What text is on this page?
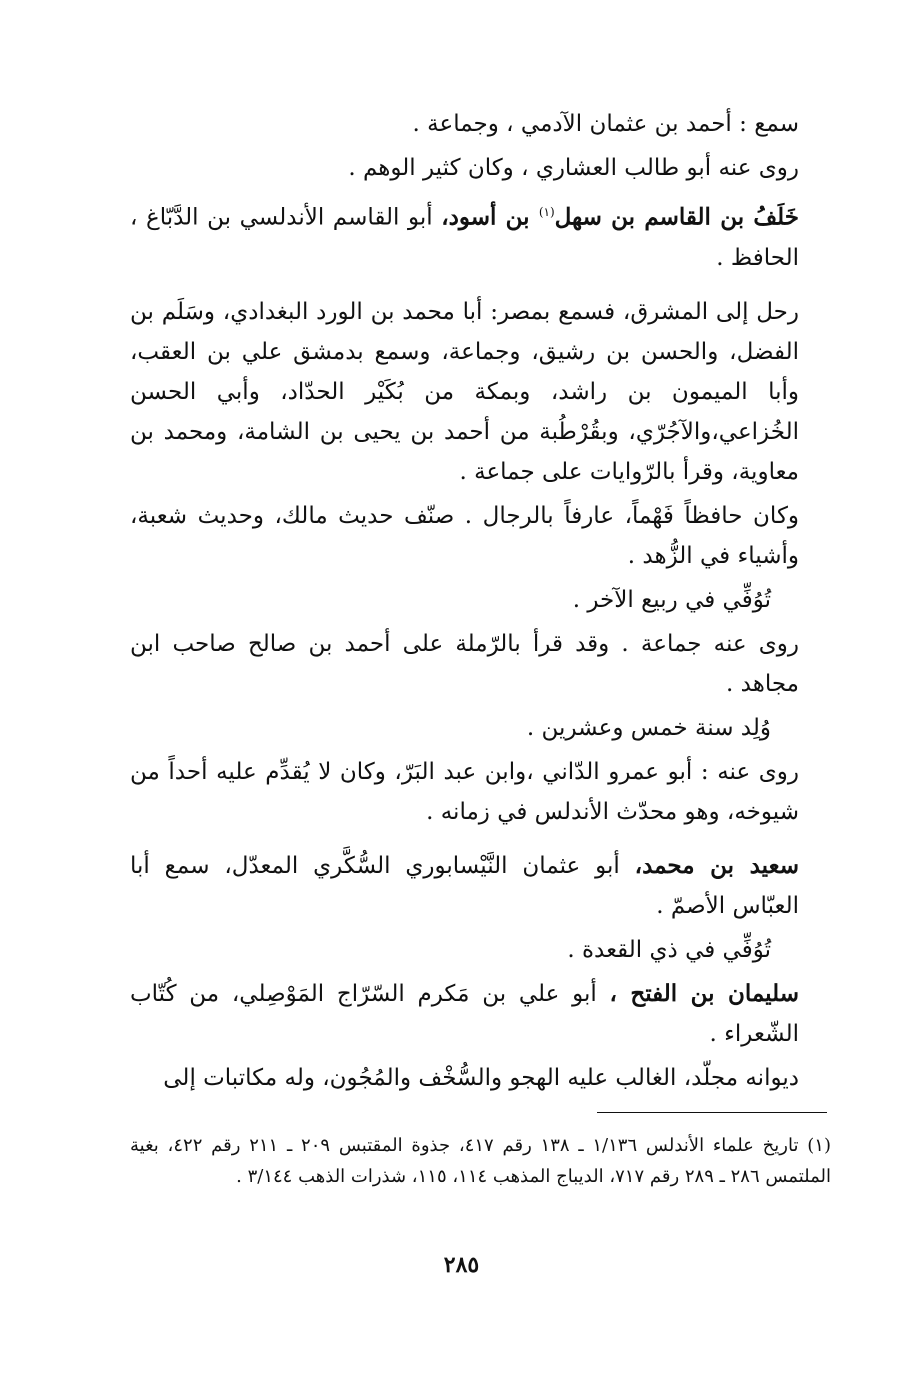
سمع : أحمد بن عثمان الآدمي ، وجماعة .

روى عنه أبو طالب العشاري ، وكان كثير الوهم .

خَلَفُ بن القاسم بن سهل$^{(١)}$ بن أسود، أبو القاسم الأندلسي بن الدَّبّاغ ، الحافظ .

رحل إلى المشرق، فسمع بمصر: أبا محمد بن الورد البغدادي، وسَلَم بن الفضل، والحسن بن رشيق، وجماعة، وسمع بدمشق علي بن العقب، وأبا الميمون بن راشد، وبمكة من بُكَيْر الحدّاد، وأبي الحسن الخُزاعي،والآجُرّي، وبقُرْطُبة من أحمد بن يحيى بن الشامة، ومحمد بن معاوية، وقرأ بالرّوايات على جماعة .

وكان حافظاً فَهْماً، عارفاً بالرجال . صنّف حديث مالك، وحديث شعبة، وأشياء في الزُّهد .

تُوُفِّي في ربيع الآخر .

روى عنه جماعة . وقد قرأ بالرّملة على أحمد بن صالح صاحب ابن مجاهد .

وُلِد سنة خمس وعشرين .

روى عنه : أبو عمرو الدّاني ،وابن عبد البَرّ، وكان لا يُقدِّم عليه أحداً من شيوخه، وهو محدّث الأندلس في زمانه .

سعيد بن محمد، أبو عثمان النَّيْسابوري السُّكَّري المعدّل، سمع أبا العبّاس الأصمّ .

تُوُفِّي في ذي القعدة .

سليمان بن الفتح ، أبو علي بن مَكرم السّرّاج المَوْصِلي، من كُتّاب الشّعراء .

ديوانه مجلّد، الغالب عليه الهجو والسُّخْف والمُجُون، وله مكاتبات إلى

(١) تاريخ علماء الأندلس ١/١٣٦ ـ ١٣٨ رقم ٤١٧، جذوة المقتبس ٢٠٩ ـ ٢١١ رقم ٤٢٢، بغية الملتمس ٢٨٦ ـ ٢٨٩ رقم ٧١٧، الديباج المذهب ١١٤، ١١٥، شذرات الذهب ٣/١٤٤ .
٢٨٥
